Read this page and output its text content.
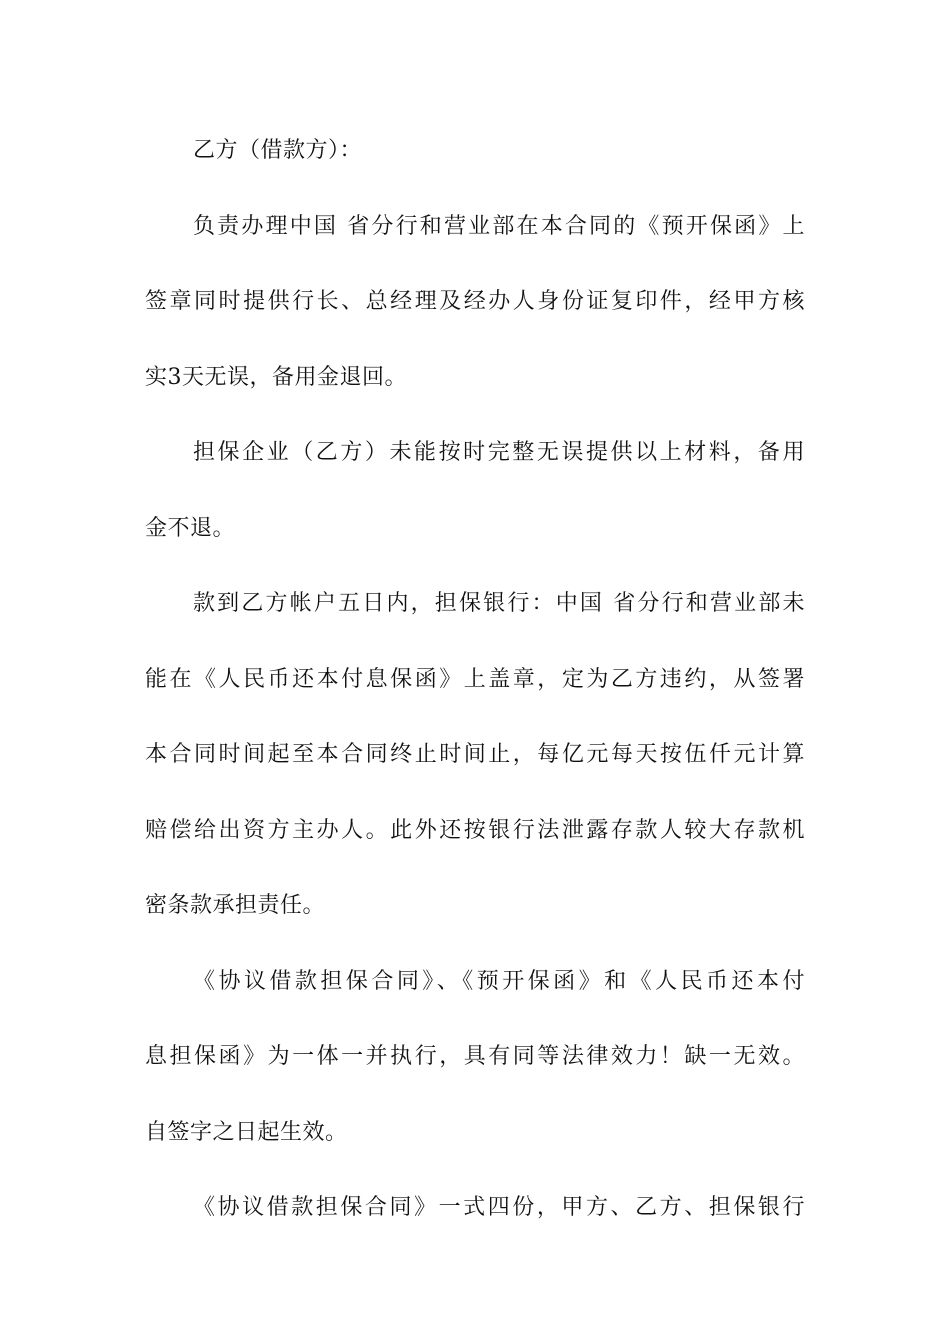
乙方（借款方）：
负责办理中国 省分行和营业部在本合同的《预开保函》上
签章同时提供行长、总经理及经办人身份证复印件，经甲方核
实3天无误，备用金退回。
担保企业（乙方）未能按时完整无误提供以上材料，备用
金不退。
款到乙方帐户五日内，担保银行：中国 省分行和营业部未
能在《人民币还本付息保函》上盖章，定为乙方违约，从签署
本合同时间起至本合同终止时间止，每亿元每天按伍仟元计算
赔偿给出资方主办人。此外还按银行法泄露存款人较大存款机
密条款承担责任。
《协议借款担保合同》、《预开保函》和《人民币还本付
息担保函》为一体一并执行，具有同等法律效力！缺一无效。
自签字之日起生效。
《协议借款担保合同》一式四份，甲方、乙方、担保银行
